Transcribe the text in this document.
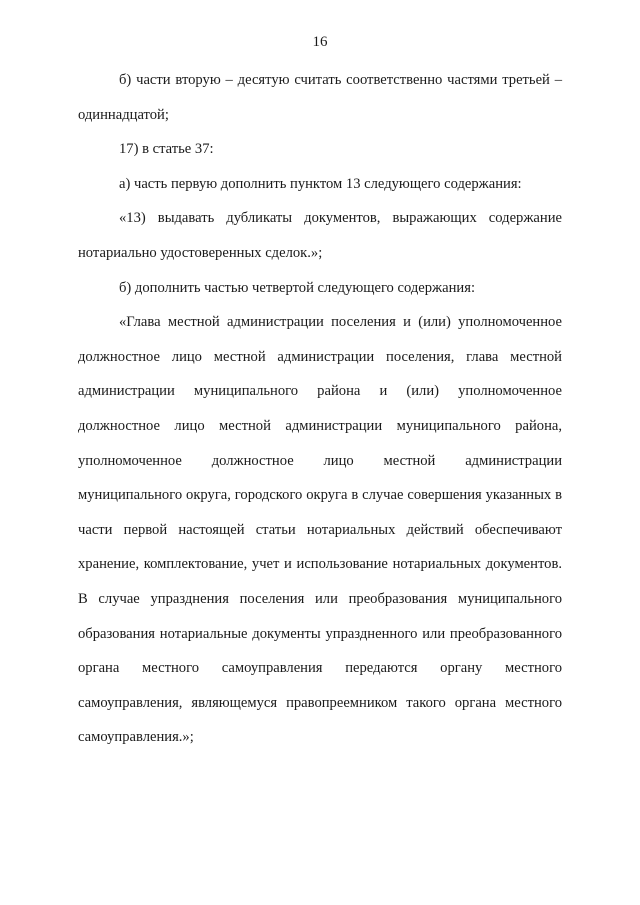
16

б) части вторую – десятую считать соответственно частями третьей – одиннадцатой;

17) в статье 37:

а) часть первую дополнить пунктом 13 следующего содержания:

«13) выдавать дубликаты документов, выражающих содержание нотариально удостоверенных сделок.»;

б) дополнить частью четвертой следующего содержания:

«Глава местной администрации поселения и (или) уполномоченное должностное лицо местной администрации поселения, глава местной администрации муниципального района и (или) уполномоченное должностное лицо местной администрации муниципального района, уполномоченное должностное лицо местной администрации муниципального округа, городского округа в случае совершения указанных в части первой настоящей статьи нотариальных действий обеспечивают хранение, комплектование, учет и использование нотариальных документов. В случае упразднения поселения или преобразования муниципального образования нотариальные документы упраздненного или преобразованного органа местного самоуправления передаются органу местного самоуправления, являющемуся правопреемником такого органа местного самоуправления.»;
